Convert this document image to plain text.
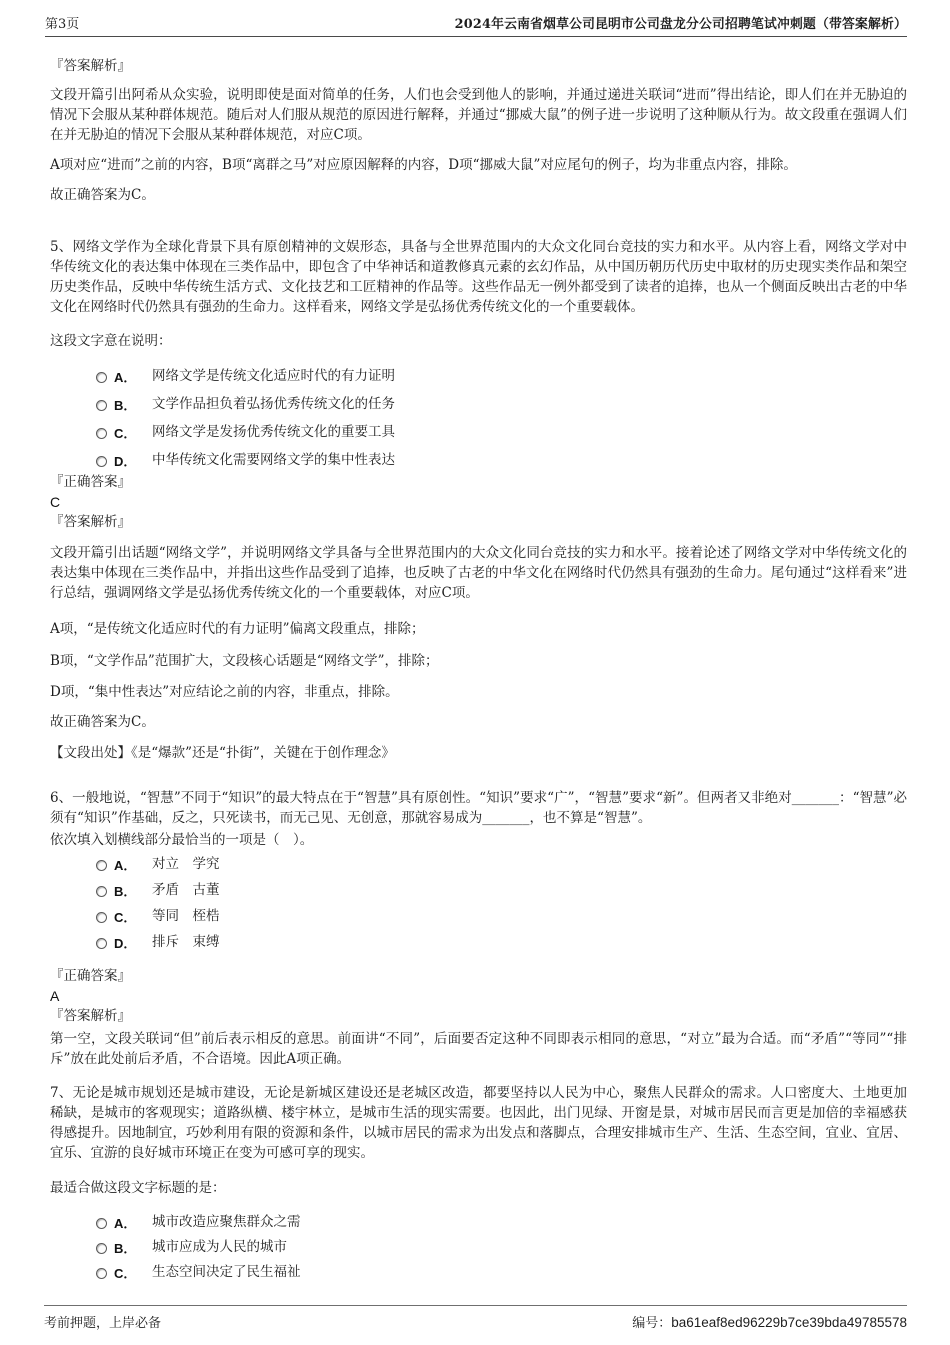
第3页	2024年云南省烟草公司昆明市公司盘龙分公司招聘笔试冲刺题（带答案解析）

『答案解析』

文段开篇引出阿希从众实验，说明即使是面对简单的任务，人们也会受到他人的影响，并通过递进关联词“进而”得出结论，即人们在并无胁迫的情况下会服从某种群体规范。随后对人们服从规范的原因进行解释，并通过“挪威大鼠”的例子进一步说明了这种顺从行为。故文段重在强调人们在并无胁迫的情况下会服从某种群体规范，对应C项。

A项对应“进而”之前的内容，B项“离群之马”对应原因解释的内容，D项“挪威大鼠”对应尾句的例子，均为非重点内容，排除。

故正确答案为C。

5、网络文学作为全球化背景下具有原创精神的文娱形态，具备与全世界范围内的大众文化同台竞技的实力和水平。从内容上看，网络文学对中华传统文化的表达集中体现在三类作品中，即包含了中华神话和道教修真元素的玄幻作品，从中国历朝历代历史中取材的历史现实类作品和架空历史类作品，反映中华传统生活方式、文化技艺和工匠精神的作品等。这些作品无一例外都受到了读者的追捧，也从一个侧面反映出古老的中华文化在网络时代仍然具有强劲的生命力。这样看来，网络文学是弘扬优秀传统文化的一个重要载体。

这段文字意在说明：

A．	网络文学是传统文化适应时代的有力证明
B．	文学作品担负着弘扬优秀传统文化的任务
C．	网络文学是发扬优秀传统文化的重要工具
D．	中华传统文化需要网络文学的集中性表达

『正确答案』

C

『答案解析』

文段开篇引出话题“网络文学”，并说明网络文学具备与全世界范围内的大众文化同台竞技的实力和水平。接着论述了网络文学对中华传统文化的表达集中体现在三类作品中，并指出这些作品受到了追捧，也反映了古老的中华文化在网络时代仍然具有强劲的生命力。尾句通过“这样看来”进行总结，强调网络文学是弘扬优秀传统文化的一个重要载体，对应C项。

A项，“是传统文化适应时代的有力证明”偏离文段重点，排除；

B项，“文学作品”范围扩大，文段核心话题是“网络文学”，排除；

D项，“集中性表达”对应结论之前的内容，非重点，排除。

故正确答案为C。

【文段出处】《是“爆款”还是“扑街”，关键在于创作理念》

6、一般地说，“智慧”不同于“知识”的最大特点在于“智慧”具有原创性。“知识”要求“广”，“智慧”要求“新”。但两者又非绝对_______：“智慧”必须有“知识”作基础，反之，只死读书，而无己见、无创意，那就容易成为_______，也不算是“智慧”。

依次填入划横线部分最恰当的一项是（　）。

A．	对立　学究
B．	矛盾　古董
C．	等同　桎梏
D．	排斥　束缚

『正确答案』

A

『答案解析』

第一空，文段关联词“但”前后表示相反的意思。前面讲“不同”，后面要否定这种不同即表示相同的意思，“对立”最为合适。而“矛盾”“等同”“排斥”放在此处前后矛盾，不合语境。因此A项正确。

7、无论是城市规划还是城市建设，无论是新城区建设还是老城区改造，都要坚持以人民为中心，聚焦人民群众的需求。人口密度大、土地更加稀缺，是城市的客观现实；道路纵横、楼宇林立，是城市生活的现实需要。也因此，出门见绿、开窗是景，对城市居民而言更是加倍的幸福感获得感提升。因地制宜，巧妙利用有限的资源和条件，以城市居民的需求为出发点和落脚点，合理安排城市生产、生活、生态空间，宜业、宜居、宜乐、宜游的良好城市环境正在变为可感可享的现实。

最适合做这段文字标题的是：

A．	城市改造应聚焦群众之需
B．	城市应成为人民的城市
C．	生态空间决定了民生福祉
考前押题，上岸必备	编号：ba61eaf8ed96229b7ce39bda49785578
